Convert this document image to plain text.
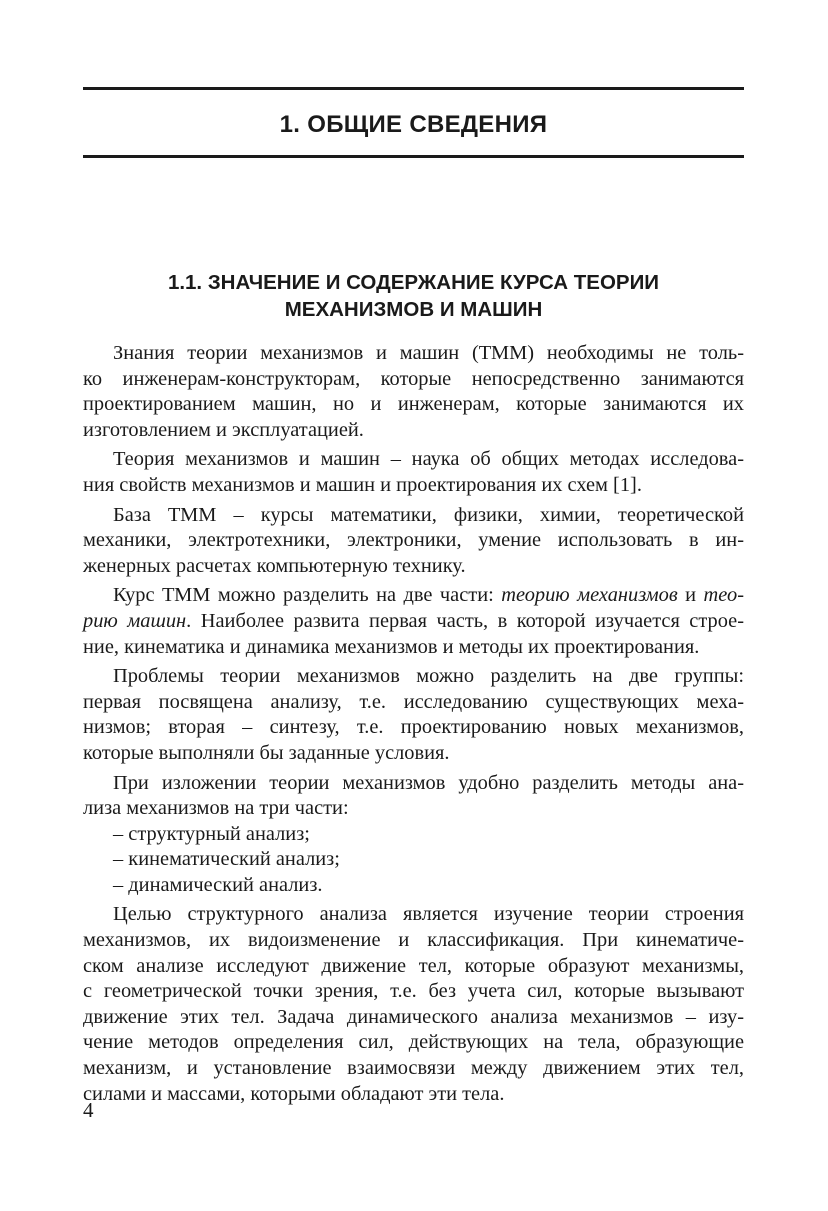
1. ОБЩИЕ СВЕДЕНИЯ
1.1. ЗНАЧЕНИЕ И СОДЕРЖАНИЕ КУРСА ТЕОРИИ
МЕХАНИЗМОВ И МАШИН
Знания теории механизмов и машин (ТММ) необходимы не толь-
ко инженерам-конструкторам, которые непосредственно занимаются
проектированием машин, но и инженерам, которые занимаются их
изготовлением и эксплуатацией.
Теория механизмов и машин – наука об общих методах исследова-
ния свойств механизмов и машин и проектирования их схем [1].
База ТММ – курсы математики, физики, химии, теоретической
механики, электротехники, электроники, умение использовать в ин-
женерных расчетах компьютерную технику.
Курс ТММ можно разделить на две части: теорию механизмов и тео-
рию машин. Наиболее развита первая часть, в которой изучается строе-
ние, кинематика и динамика механизмов и методы их проектирования.
Проблемы теории механизмов можно разделить на две группы:
первая посвящена анализу, т.е. исследованию существующих меха-
низмов; вторая – синтезу, т.е. проектированию новых механизмов,
которые выполняли бы заданные условия.
При изложении теории механизмов удобно разделить методы ана-
лиза механизмов на три части:
– структурный анализ;
– кинематический анализ;
– динамический анализ.
Целью структурного анализа является изучение теории строения
механизмов, их видоизменение и классификация. При кинематиче-
ском анализе исследуют движение тел, которые образуют механизмы,
с геометрической точки зрения, т.е. без учета сил, которые вызывают
движение этих тел. Задача динамического анализа механизмов – изу-
чение методов определения сил, действующих на тела, образующие
механизм, и установление взаимосвязи между движением этих тел,
силами и массами, которыми обладают эти тела.
4
